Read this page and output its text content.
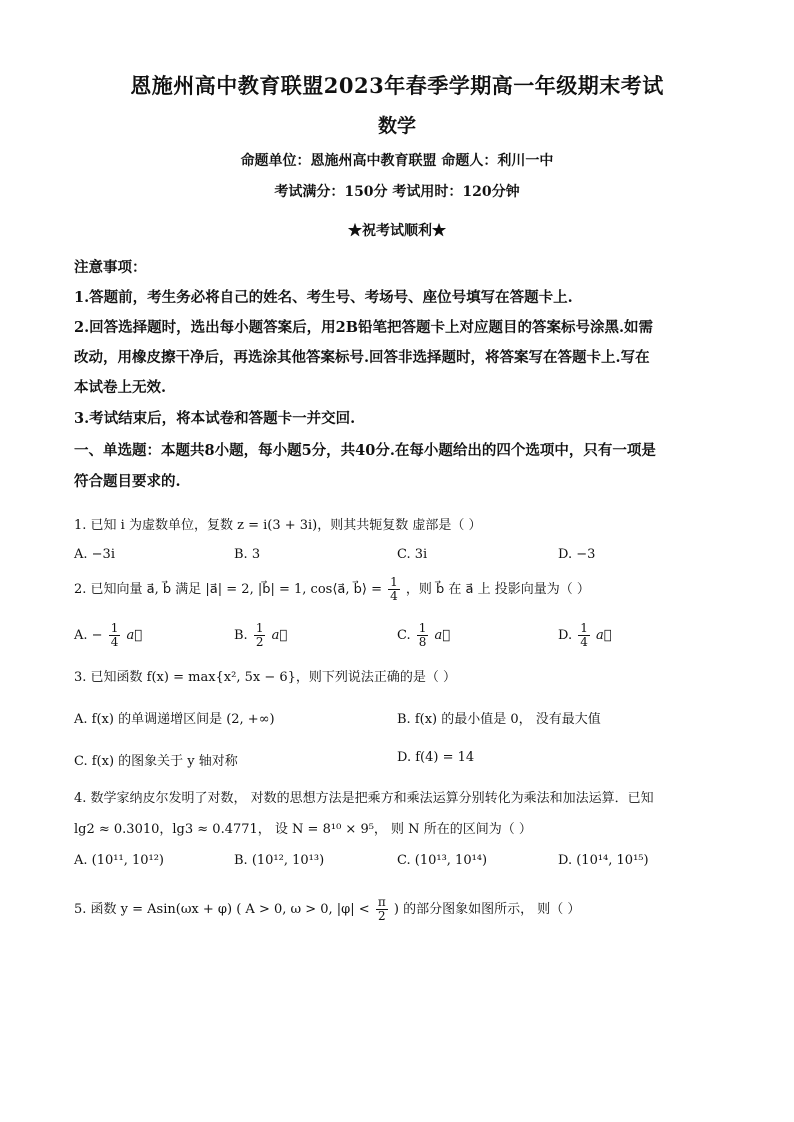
恩施州高中教育联盟2023年春季学期高一年级期末考试
数学
命题单位：恩施州高中教育联盟 命题人：利川一中
考试满分：150分 考试用时：120分钟
★祝考试顺利★
注意事项：
1.答题前，考生务必将自己的姓名、考生号、考场号、座位号填写在答题卡上.
2.回答选择题时，选出每小题答案后，用2B铅笔把答题卡上对应题目的答案标号涂黑.如需
改动，用橡皮擦干净后，再选涂其他答案标号.回答非选择题时，将答案写在答题卡上.写在
本试卷上无效.
3.考试结束后，将本试卷和答题卡一并交回.
一、单选题：本题共8小题，每小题5分，共40分.在每小题给出的四个选项中，只有一项是
符合题目要求的.
1. 已知 i 为虚数单位，复数 z = i(3 + 3i)，则其共轭复数 虚部是（ ）
A. −3i	B. 3	C. 3i	D. −3
2. 已知向量 a⃗, b⃗ 满足 |a⃗| = 2, |b⃗| = 1, cos⟨a⃗, b⃗⟩ = $\frac{1}{4}$ ，则 b⃗ 在 a⃗ 上 投影向量为（ ）
A. − $\frac{1}{4}$ a⃗	B. $\frac{1}{2}$ a⃗	C. $\frac{1}{8}$ a⃗	D. $\frac{1}{4}$ a⃗
3. 已知函数 f(x) = max{x², 5x − 6}，则下列说法正确的是（ ）
A. f(x) 的单调递增区间是 (2, +∞)	B. f(x) 的最小值是 0， 没有最大值
C. f(x) 的图象关于 y 轴对称	D. f(4) = 14
4. 数学家纳皮尔发明了对数， 对数的思想方法是把乘方和乘法运算分别转化为乘法和加法运算．已知
lg2 ≈ 0.3010，lg3 ≈ 0.4771， 设 N = 8¹⁰ × 9⁵， 则 N 所在的区间为（ ）
A. (10¹¹, 10¹²)	B. (10¹², 10¹³)	C. (10¹³, 10¹⁴)	D. (10¹⁴, 10¹⁵)
5. 函数 y = Asin(ωx + φ) ( A > 0, ω > 0, $|\varphi| < \frac{\pi}{2}$ ) 的部分图象如图所示， 则（ ）
